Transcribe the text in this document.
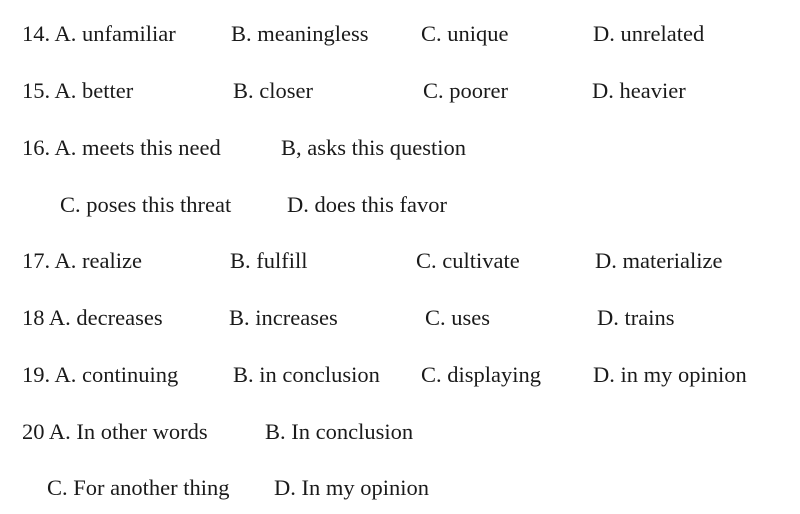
14. A. unfamiliar B. meaningless C. unique	D. unrelated
15. A. better	B. closer	C. poorer	D. heavier
16. A. meets this need	B, asks this question
C. poses this threat D. does this favor
17. A. realize	B. fulfill	C. cultivate	D. materialize
18 A. decreases	B. increases	C. uses	D. trains
19. A. continuing B. in conclusion C. displaying D. in my opinion
20 A. In other words	B. In conclusion
C. For another thing D. In my opinion
